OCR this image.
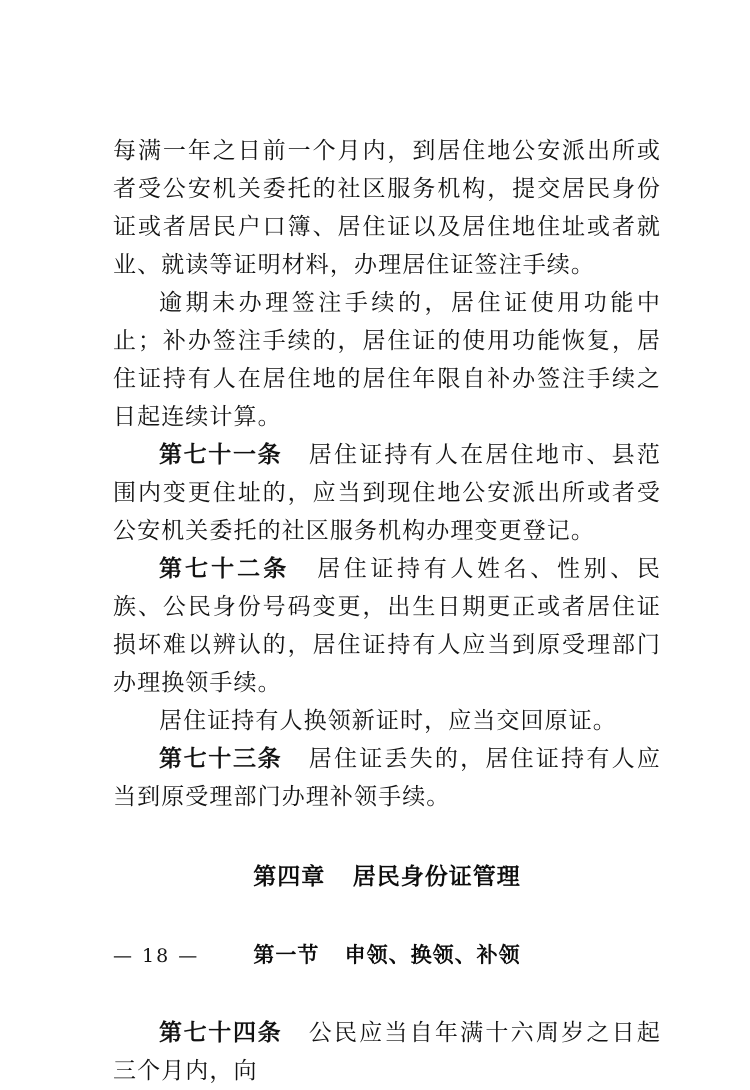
每满一年之日前一个月内，到居住地公安派出所或者受公安机关委托的社区服务机构，提交居民身份证或者居民户口簿、居住证以及居住地住址或者就业、就读等证明材料，办理居住证签注手续。

逾期未办理签注手续的，居住证使用功能中止；补办签注手续的，居住证的使用功能恢复，居住证持有人在居住地的居住年限自补办签注手续之日起连续计算。

第七十一条 居住证持有人在居住地市、县范围内变更住址的，应当到现住地公安派出所或者受公安机关委托的社区服务机构办理变更登记。

第七十二条 居住证持有人姓名、性别、民族、公民身份号码变更，出生日期更正或者居住证损坏难以辨认的，居住证持有人应当到原受理部门办理换领手续。

居住证持有人换领新证时，应当交回原证。

第七十三条 居住证丢失的，居住证持有人应当到原受理部门办理补领手续。

第四章 居民身份证管理
第一节 申领、换领、补领

第七十四条 公民应当自年满十六周岁之日起三个月内，向

— 18 —
